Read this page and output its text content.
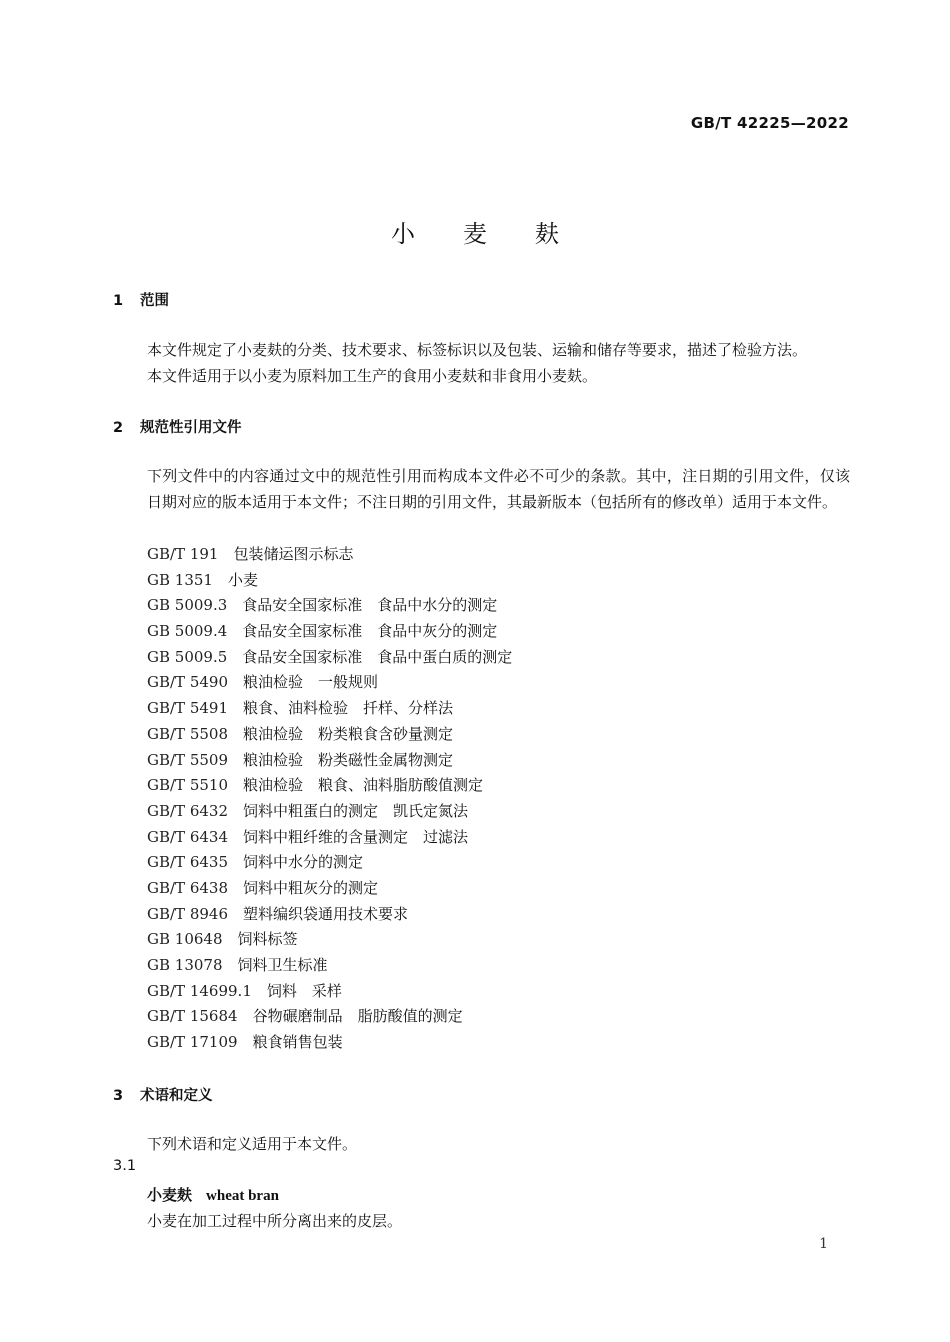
GB/T 42225—2022
小麦麸
1 范围
本文件规定了小麦麸的分类、技术要求、标签标识以及包装、运输和储存等要求，描述了检验方法。
本文件适用于以小麦为原料加工生产的食用小麦麸和非食用小麦麸。
2 规范性引用文件
下列文件中的内容通过文中的规范性引用而构成本文件必不可少的条款。其中，注日期的引用文件，仅该日期对应的版本适用于本文件；不注日期的引用文件，其最新版本（包括所有的修改单）适用于本文件。
GB/T 191 包装储运图示标志
GB 1351 小麦
GB 5009.3 食品安全国家标准　食品中水分的测定
GB 5009.4 食品安全国家标准　食品中灰分的测定
GB 5009.5 食品安全国家标准　食品中蛋白质的测定
GB/T 5490 粮油检验　一般规则
GB/T 5491 粮食、油料检验　扦样、分样法
GB/T 5508 粮油检验　粉类粮食含砂量测定
GB/T 5509 粮油检验　粉类磁性金属物测定
GB/T 5510 粮油检验　粮食、油料脂肪酸值测定
GB/T 6432 饲料中粗蛋白的测定　凯氏定氮法
GB/T 6434 饲料中粗纤维的含量测定　过滤法
GB/T 6435 饲料中水分的测定
GB/T 6438 饲料中粗灰分的测定
GB/T 8946 塑料编织袋通用技术要求
GB 10648 饲料标签
GB 13078 饲料卫生标准
GB/T 14699.1 饲料　采样
GB/T 15684 谷物碾磨制品　脂肪酸值的测定
GB/T 17109 粮食销售包装
3 术语和定义
下列术语和定义适用于本文件。
3.1
小麦麸 wheat bran
小麦在加工过程中所分离出来的皮层。
1
